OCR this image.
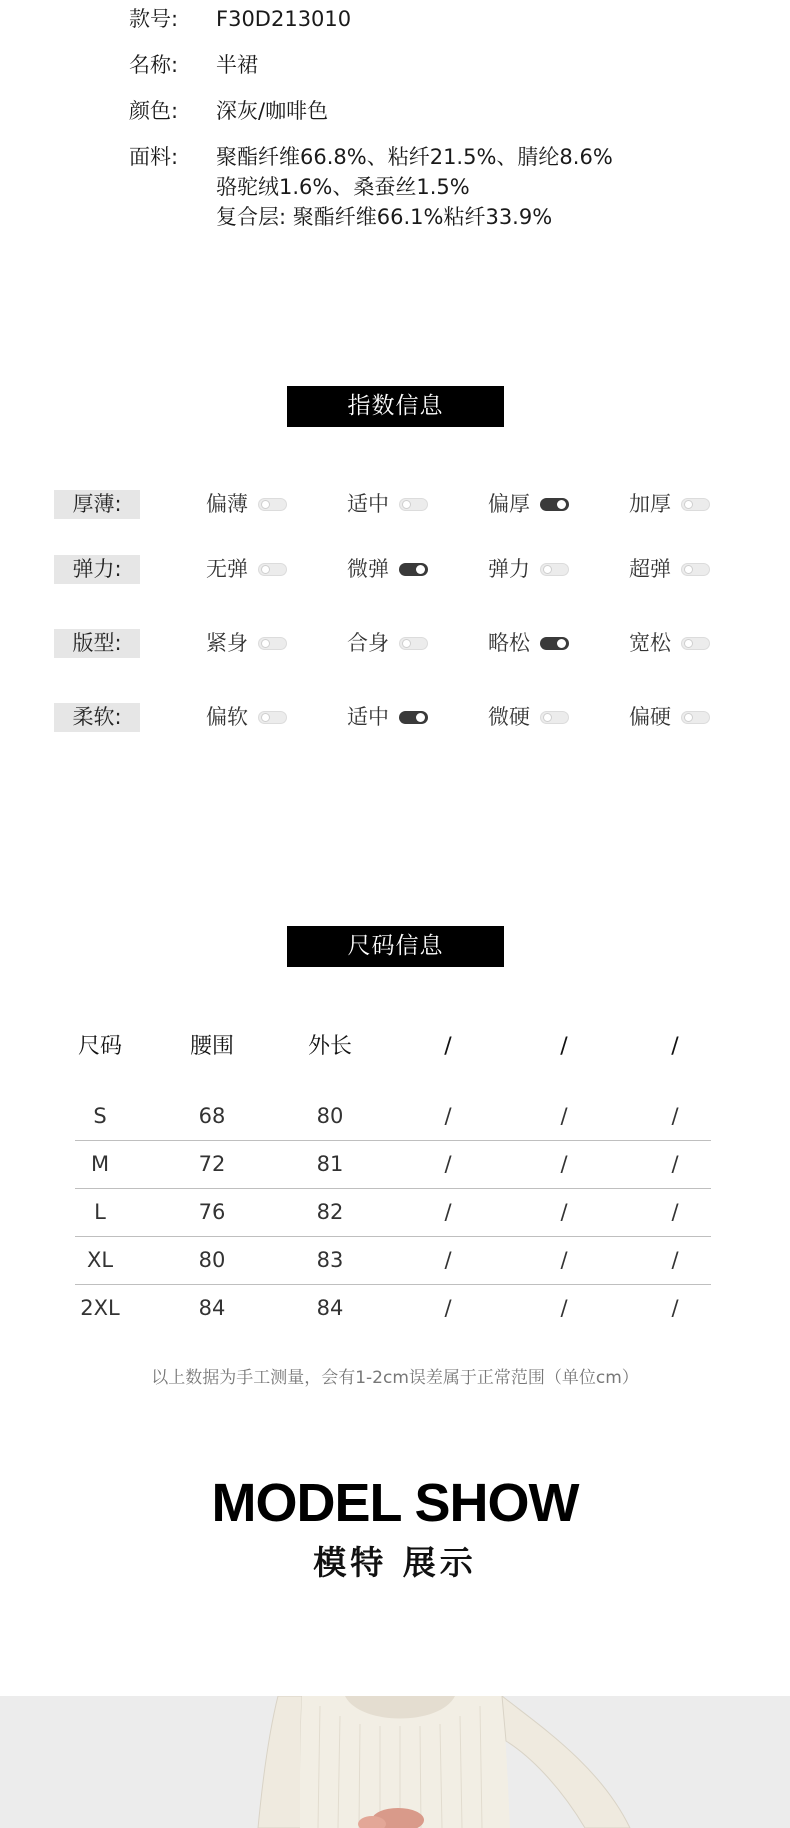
款号:	F30D213010
名称:	半裙
颜色:	深灰/咖啡色
面料:	聚酯纤维66.8%、粘纤21.5%、腈纶8.6%
骆驼绒1.6%、桑蚕丝1.5%
复合层: 聚酯纤维66.1%粘纤33.9%
指数信息
厚薄:	偏薄	适中	偏厚	加厚
弹力:	无弹	微弹	弹力	超弹
版型:	紧身	合身	略松	宽松
柔软:	偏软	适中	微硬	偏硬
尺码信息
尺码	腰围	外长	/	/	/
S	68	80	/	/	/
M	72	81	/	/	/
L	76	82	/	/	/
XL	80	83	/	/	/
2XL	84	84	/	/	/
以上数据为手工测量，会有1-2cm误差属于正常范围（单位cm）
MODEL SHOW
模特 展示
